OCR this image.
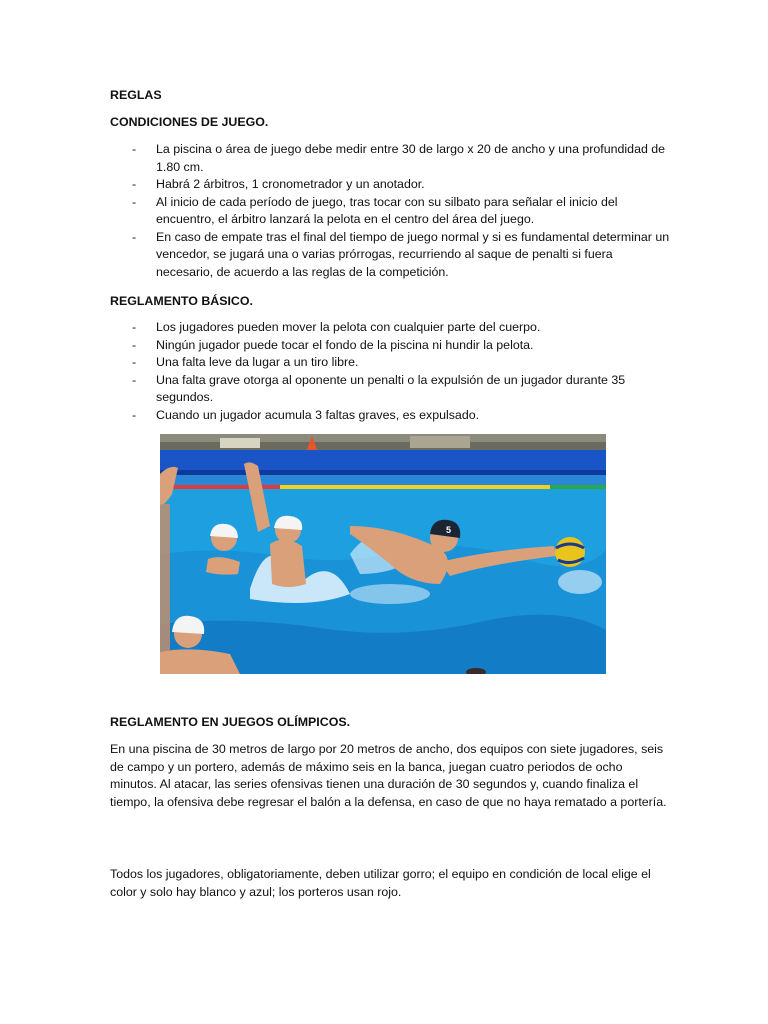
REGLAS
CONDICIONES DE JUEGO.
- La piscina o área de juego debe medir entre 30 de largo x 20 de ancho y una profundidad de 1.80 cm.
- Habrá 2 árbitros, 1 cronometrador y un anotador.
- Al inicio de cada período de juego, tras tocar con su silbato para señalar el inicio del encuentro, el árbitro lanzará la pelota en el centro del área del juego.
- En caso de empate tras el final del tiempo de juego normal y si es fundamental determinar un vencedor, se jugará una o varias prórrogas, recurriendo al saque de penalti si fuera necesario, de acuerdo a las reglas de la competición.
REGLAMENTO BÁSICO.
- Los jugadores pueden mover la pelota con cualquier parte del cuerpo.
- Ningún jugador puede tocar el fondo de la piscina ni hundir la pelota.
- Una falta leve da lugar a un tiro libre.
- Una falta grave otorga al oponente un penalti o la expulsión de un jugador durante 35 segundos.
- Cuando un jugador acumula 3 faltas graves, es expulsado.
5
REGLAMENTO EN JUEGOS OLÍMPICOS.

En una piscina de 30 metros de largo por 20 metros de ancho, dos equipos con siete jugadores, seis de campo y un portero, además de máximo seis en la banca, juegan cuatro periodos de ocho minutos. Al atacar, las series ofensivas tienen una duración de 30 segundos y, cuando finaliza el tiempo, la ofensiva debe regresar el balón a la defensa, en caso de que no haya rematado a portería.

Todos los jugadores, obligatoriamente, deben utilizar gorro; el equipo en condición de local elige el color y solo hay blanco y azul; los porteros usan rojo.
